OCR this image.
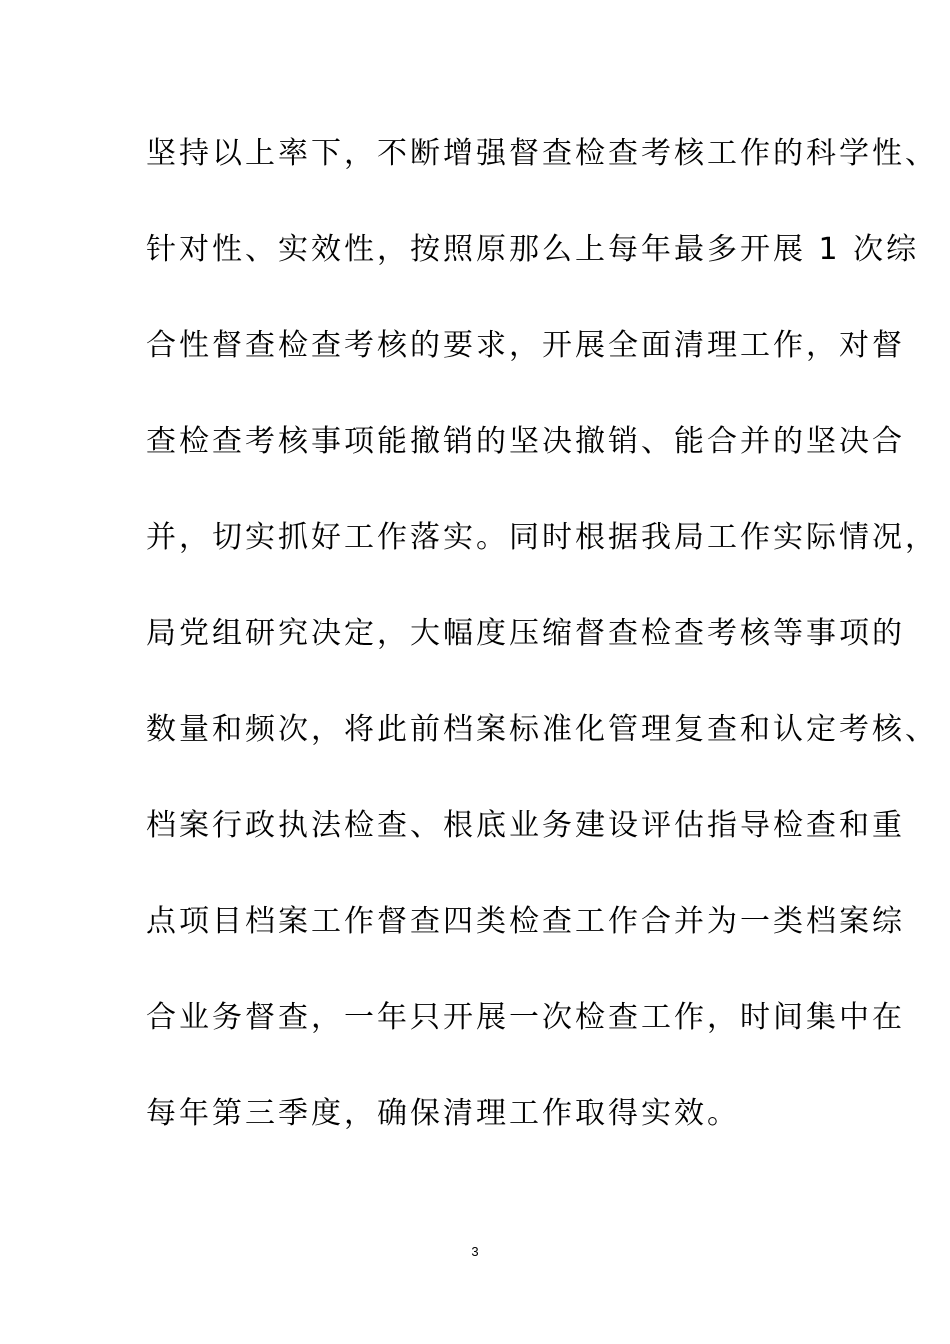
坚持以上率下，不断增强督查检查考核工作的科学性、
针对性、实效性，按照原那么上每年最多开展 1 次综
合性督查检查考核的要求，开展全面清理工作，对督
查检查考核事项能撤销的坚决撤销、能合并的坚决合
并，切实抓好工作落实。同时根据我局工作实际情况，
局党组研究决定，大幅度压缩督查检查考核等事项的
数量和频次，将此前档案标准化管理复查和认定考核、
档案行政执法检查、根底业务建设评估指导检查和重
点项目档案工作督查四类检查工作合并为一类档案综
合业务督查，一年只开展一次检查工作，时间集中在
每年第三季度，确保清理工作取得实效。
3
